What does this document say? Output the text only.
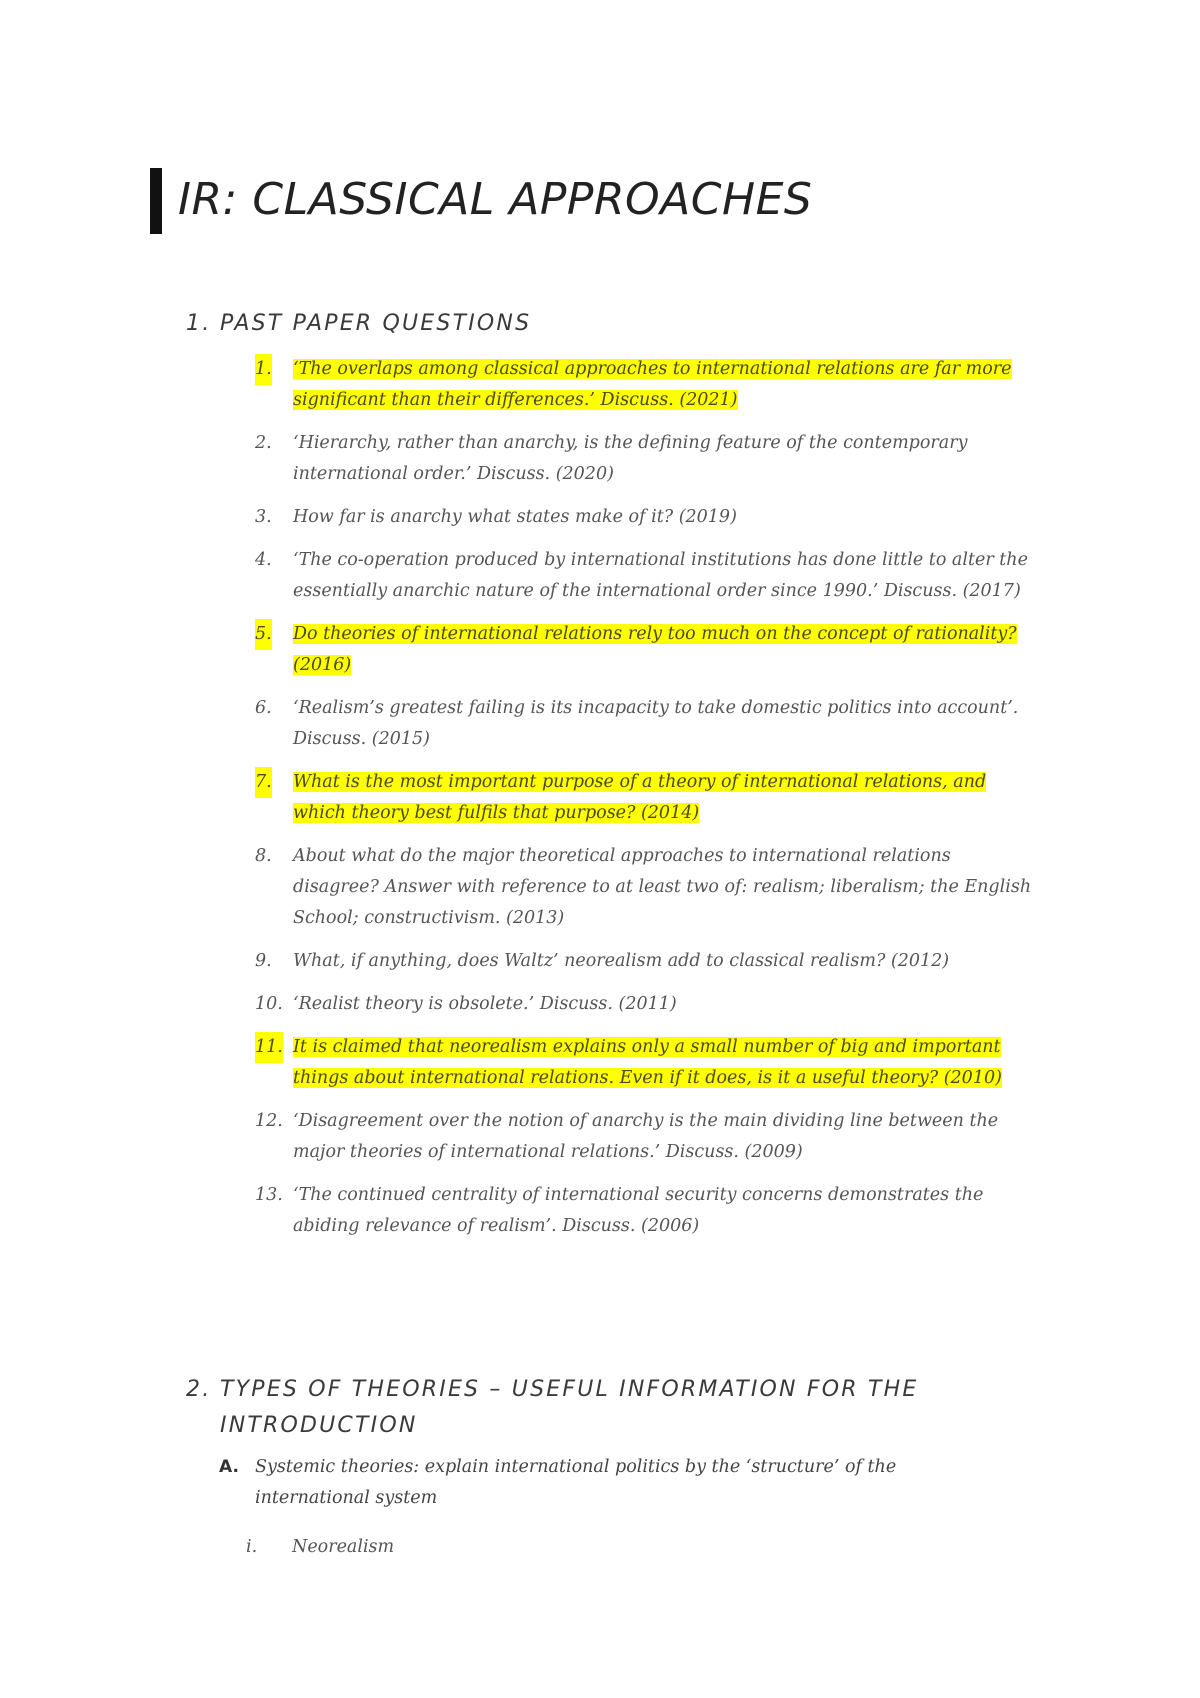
IR: CLASSICAL APPROACHES
1. PAST PAPER QUESTIONS
1. ‘The overlaps among classical approaches to international relations are far more significant than their differences.’ Discuss. (2021)
2. ‘Hierarchy, rather than anarchy, is the defining feature of the contemporary international order.’ Discuss. (2020)
3. How far is anarchy what states make of it? (2019)
4. ‘The co-operation produced by international institutions has done little to alter the essentially anarchic nature of the international order since 1990.’ Discuss. (2017)
5. Do theories of international relations rely too much on the concept of rationality? (2016)
6. ‘Realism’s greatest failing is its incapacity to take domestic politics into account’. Discuss. (2015)
7. What is the most important purpose of a theory of international relations, and which theory best fulfils that purpose? (2014)
8. About what do the major theoretical approaches to international relations disagree? Answer with reference to at least two of: realism; liberalism; the English School; constructivism. (2013)
9. What, if anything, does Waltz’ neorealism add to classical realism? (2012)
10. ‘Realist theory is obsolete.’ Discuss. (2011)
11. It is claimed that neorealism explains only a small number of big and important things about international relations. Even if it does, is it a useful theory? (2010)
12. ‘Disagreement over the notion of anarchy is the main dividing line between the major theories of international relations.’ Discuss. (2009)
13. ‘The continued centrality of international security concerns demonstrates the abiding relevance of realism’. Discuss. (2006)
2. TYPES OF THEORIES – USEFUL INFORMATION FOR THE INTRODUCTION
A. Systemic theories: explain international politics by the ‘structure’ of the international system
i. Neorealism
